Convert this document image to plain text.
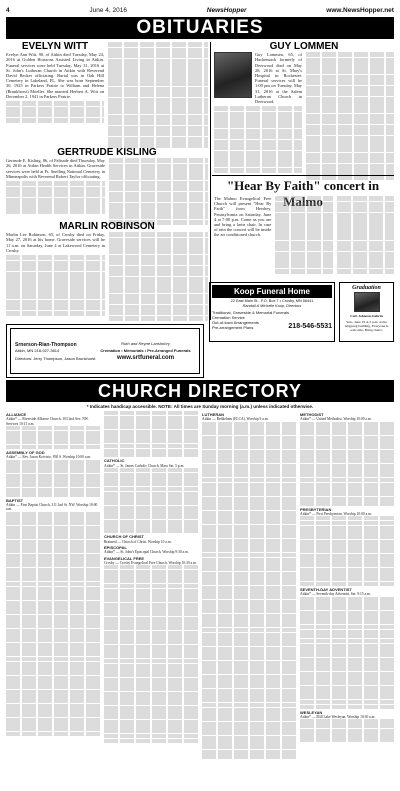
4	June 4, 2016	NewsHopper	www.NewsHopper.net
OBITUARIES
EVELYN WITT

Evelyn Ann Witt, 90, of Aitkin died Tuesday, May 24, 2016 at Golden Horizons Assisted Living in Aitkin. Funeral services were held Tuesday, May 31, 2016 at St. John's Lutheran Church in Aitkin with Reverend David Becker officiating. Burial was in Oak Hill Cemetery in Lakeland, FL. She was born September 30, 1925 in Parkers Prairie to William and Helena (Brunkhorst) Moeller. She married Herbert A. Witt on December 2, 1941 in Parkers Prairie.

GERTRUDE KISLING

Gertrude E. Kisling, 86, of Palisade died Thursday, May 26, 2016 at Aitkin Health Services in Aitkin. Graveside services were held at Ft. Snelling National Cemetery in Minneapolis with Reverend Robert Taylor officiating.

MARLIN ROBINSON

Marlin Lee Robinson, 65, of Crosby died on Friday, May 27, 2016 at his home. Graveside services will be 11 a.m. on Saturday, June 4 at Lakewood Cemetery in Crosby.

GUY LOMMEN

Guy Lommen, 65, of Hackensack formerly of Deerwood died on May 28, 2016 at St. Mary's Hospital in Rochester. Funeral services will be 1:00 pm on Tuesday, May 31, 2016 at the Salem Lutheran Church in Deerwood.

"Hear By Faith" concert in Malmo

The Malmo Evangelical Free Church will present "Hear By Faith" from Hershey, Pennsylvania on Saturday, June 4 at 7:00 p.m. Come as you are and bring a lawn chair. In case of rain the concert will be inside the air conditioned church.

Srnerson-Rian-Thompson
Aitkin, MN 218-927-3614
Directors: Jerry Thompson, Jason Brunkhorst
Ruth and Reyne Lanshohry
Cremation • Memorials • Pre-Arranged Funerals
www.srtfuneral.com
Koop Funeral Home
22 East Main St., P.O. Box 7 • Crosby, MN 56441
Randall & Michelle Koop, Directors
Traditional, Graveside & Memorial Funerals
Cremation Service
Out-of-town Arrangements
Pre-arrangement Plans	218-546-5531
Graduation
Curt Johnson-Gabrin
Sun., June 19 at 2 p.m. at the Ahgpang building, Everyone is welcome. Bring chairs.
CHURCH DIRECTORY
* Indicates handicap accessible. NOTE: All times are Sunday morning (a.m.) unless indicated otherwise.
ALLIANCE
Aitkin* — Riverside Alliance Church, 103 2nd Ave. NW. Services 10:15 a.m.
ASSEMBLY OF GOD
Aitkin* — Rev. Jason Koivisto, 830 S. Worship 10:00 a.m.
BAPTIST
Aitkin — First Baptist Church, 311 2nd St. NW. Worship 10:00 a.m.
CATHOLIC
Aitkin* — St. James Catholic Church, Mass Sat. 5 p.m.
CHURCH OF CHRIST
Brainerd — Church of Christ. Worship 10 a.m.
EPISCOPAL
Aitkin* — St. John's Episcopal Church, Worship 9:30 a.m.
EVANGELICAL FREE
Crosby — Crosby Evangelical Free Church, Worship 10:30 a.m.
LUTHERAN
Aitkin — Bethlehem (ELCA), Worship 9 a.m.
METHODIST
Aitkin* — United Methodist, Worship 10:00 a.m.
PRESBYTERIAN
Aitkin* — First Presbyterian, Worship 10:00 a.m.
SEVENTH-DAY ADVENTIST
Aitkin* — Seventh-day Adventist, Sat. 9:15 a.m.
WESLEYAN
Aitkin* — Mill Lake Wesleyan. Worship 10:30 a.m.
